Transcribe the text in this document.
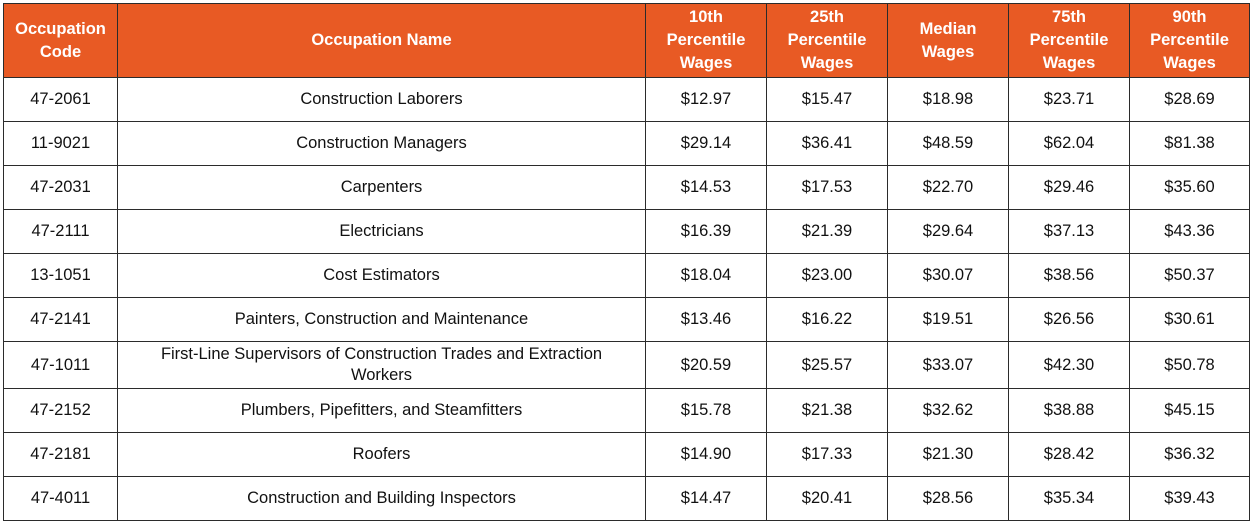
Occupation Code	Occupation Name	10th Percentile Wages	25th Percentile Wages	Median Wages	75th Percentile Wages	90th Percentile Wages
47-2061	Construction Laborers	$12.97	$15.47	$18.98	$23.71	$28.69
11-9021	Construction Managers	$29.14	$36.41	$48.59	$62.04	$81.38
47-2031	Carpenters	$14.53	$17.53	$22.70	$29.46	$35.60
47-2111	Electricians	$16.39	$21.39	$29.64	$37.13	$43.36
13-1051	Cost Estimators	$18.04	$23.00	$30.07	$38.56	$50.37
47-2141	Painters, Construction and Maintenance	$13.46	$16.22	$19.51	$26.56	$30.61
47-1011	First-Line Supervisors of Construction Trades and Extraction Workers	$20.59	$25.57	$33.07	$42.30	$50.78
47-2152	Plumbers, Pipefitters, and Steamfitters	$15.78	$21.38	$32.62	$38.88	$45.15
47-2181	Roofers	$14.90	$17.33	$21.30	$28.42	$36.32
47-4011	Construction and Building Inspectors	$14.47	$20.41	$28.56	$35.34	$39.43
